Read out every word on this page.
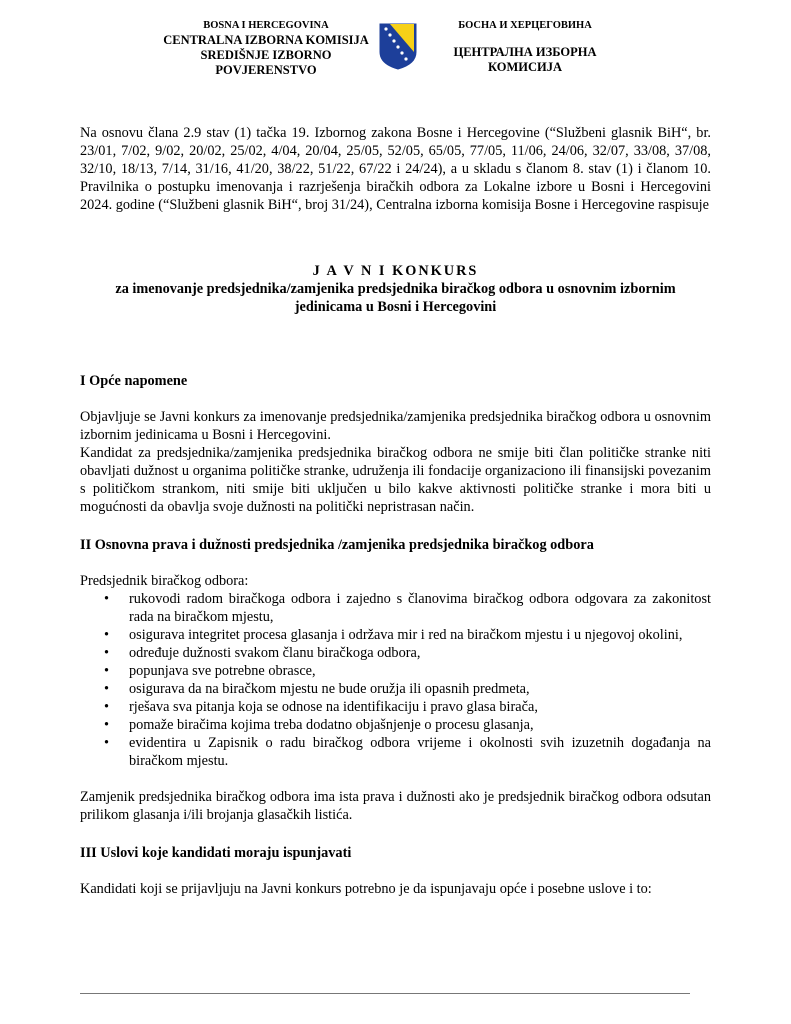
BOSNA I HERCEGOVINA
CENTRALNA IZBORNA KOMISIJA
SREDIŠNJE IZBORNO POVJERENSTVO
БОСНА И ХЕРЦЕГОВИНА
ЦЕНТРАЛНА ИЗБОРНА КОМИСИЈА

Na osnovu člana 2.9 stav (1) tačka 19. Izbornog zakona Bosne i Hercegovine (“Službeni glasnik BiH“, br. 23/01, 7/02, 9/02, 20/02, 25/02, 4/04, 20/04, 25/05, 52/05, 65/05, 77/05, 11/06, 24/06, 32/07, 33/08, 37/08, 32/10, 18/13, 7/14, 31/16, 41/20, 38/22, 51/22, 67/22 i 24/24), a u skladu s članom 8. stav (1) i članom 10. Pravilnika o postupku imenovanja i razrješenja biračkih odbora za Lokalne izbore u Bosni i Hercegovini 2024. godine (“Službeni glasnik BiH“, broj 31/24), Centralna izborna komisija Bosne i Hercegovine raspisuje

J A V N I KONKURS
za imenovanje predsjednika/zamjenika predsjednika biračkog odbora u osnovnim izbornim jedinicama u Bosni i Hercegovini
I Opće napomene

Objavljuje se Javni konkurs za imenovanje predsjednika/zamjenika predsjednika biračkog odbora u osnovnim izbornim jedinicama u Bosni i Hercegovini.

Kandidat za predsjednika/zamjenika predsjednika biračkog odbora ne smije biti član političke stranke niti obavljati dužnost u organima političke stranke, udruženja ili fondacije organizaciono ili finansijski povezanim s političkom strankom, niti smije biti uključen u bilo kakve aktivnosti političke stranke i mora biti u mogućnosti da obavlja svoje dužnosti na politički nepristrasan način.

II Osnovna prava i dužnosti predsjednika /zamjenika predsjednika biračkog odbora

Predsjednik biračkog odbora:

• rukovodi radom biračkoga odbora i zajedno s članovima biračkog odbora odgovara za zakonitost rada na biračkom mjestu,
• osigurava integritet procesa glasanja i održava mir i red na biračkom mjestu i u njegovoj okolini,
• određuje dužnosti svakom članu biračkoga odbora,
• popunjava sve potrebne obrasce,
• osigurava da na biračkom mjestu ne bude oružja ili opasnih predmeta,
• rješava sva pitanja koja se odnose na identifikaciju i pravo glasa birača,
• pomaže biračima kojima treba dodatno objašnjenje o procesu glasanja,
• evidentira u Zapisnik o radu biračkog odbora vrijeme i okolnosti svih izuzetnih događanja na biračkom mjestu.

Zamjenik predsjednika biračkog odbora ima ista prava i dužnosti ako je predsjednik biračkog odbora odsutan prilikom glasanja i/ili brojanja glasačkih listića.

III Uslovi koje kandidati moraju ispunjavati

Kandidati koji se prijavljuju na Javni konkurs potrebno je da ispunjavaju opće i posebne uslove i to:
